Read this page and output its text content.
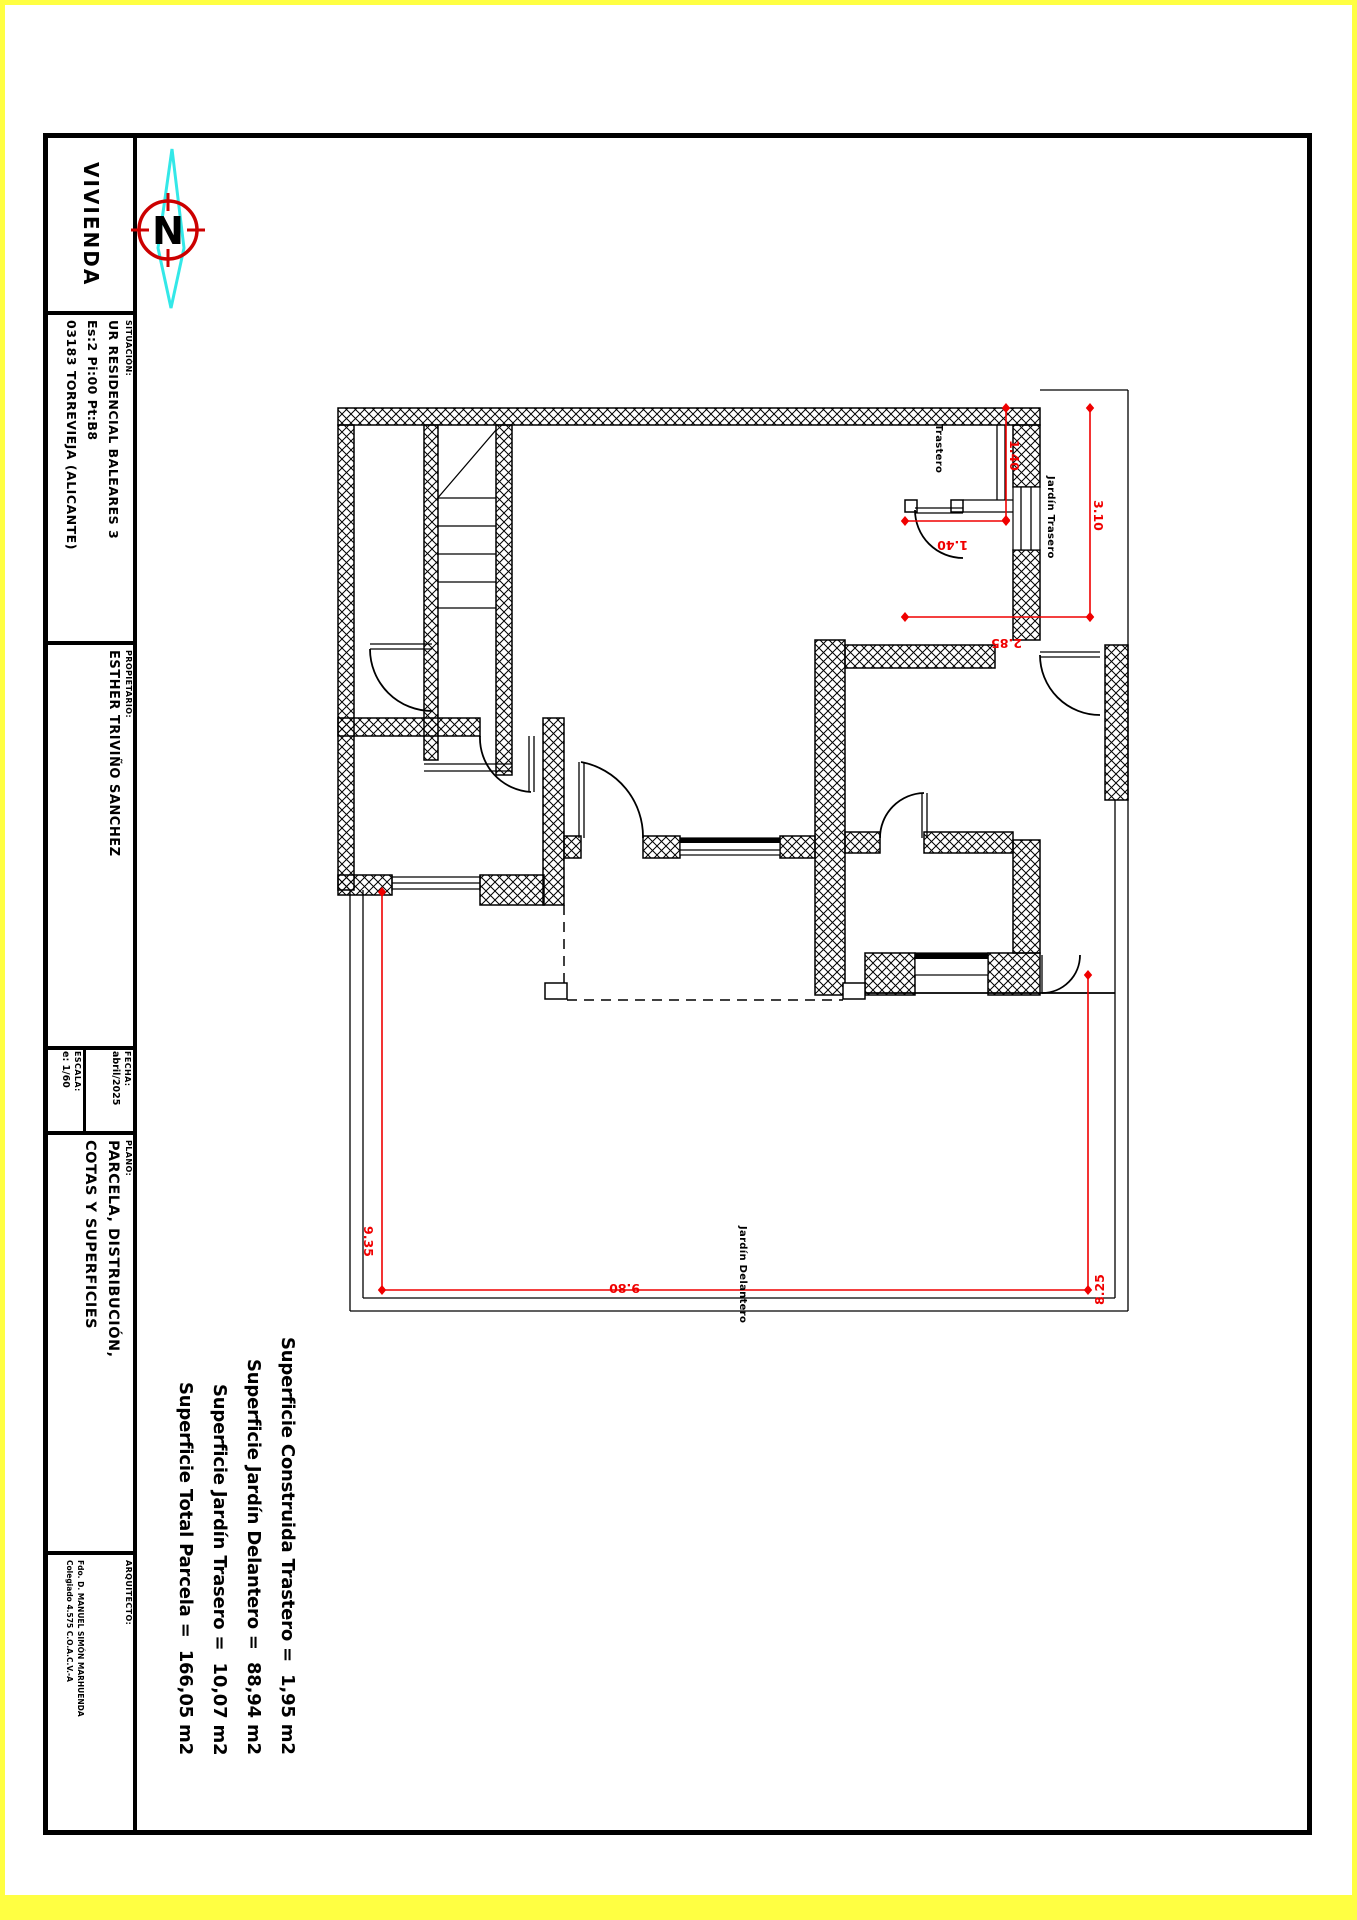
VIVIENDA
SITUACIÓN:
UR RESIDENCIAL BALEARES 3
Es:2 Pi:00 Pt:B8
03183 TORREVIEJA (ALICANTE)
PROPIETARIO:
ESTHER TRIVIÑO SANCHEZ
ESCALA:
e: 1/60	FECHA:
abril/2025
PLANO:
PARCELA, DISTRIBUCIÓN,
COTAS Y SUPERFICIES
ARQUITECTO:
Fdo. D. MANUEL SIMÓN MARHUENDA
Colegiado 4.575 C.O.A.C.V.-A	Superficie Construida Trastero =  1,95 m2
Superficie Jardín Delantero =  88,94 m2
Superficie Jardín Trasero =  10,07 m2
Superficie Total Parcela =  166,05 m2
N
1.40
3.10
1.40
2.85
9.35
8.25
9.80
Trastero
Jardín Trasero
Jardín Delantero
